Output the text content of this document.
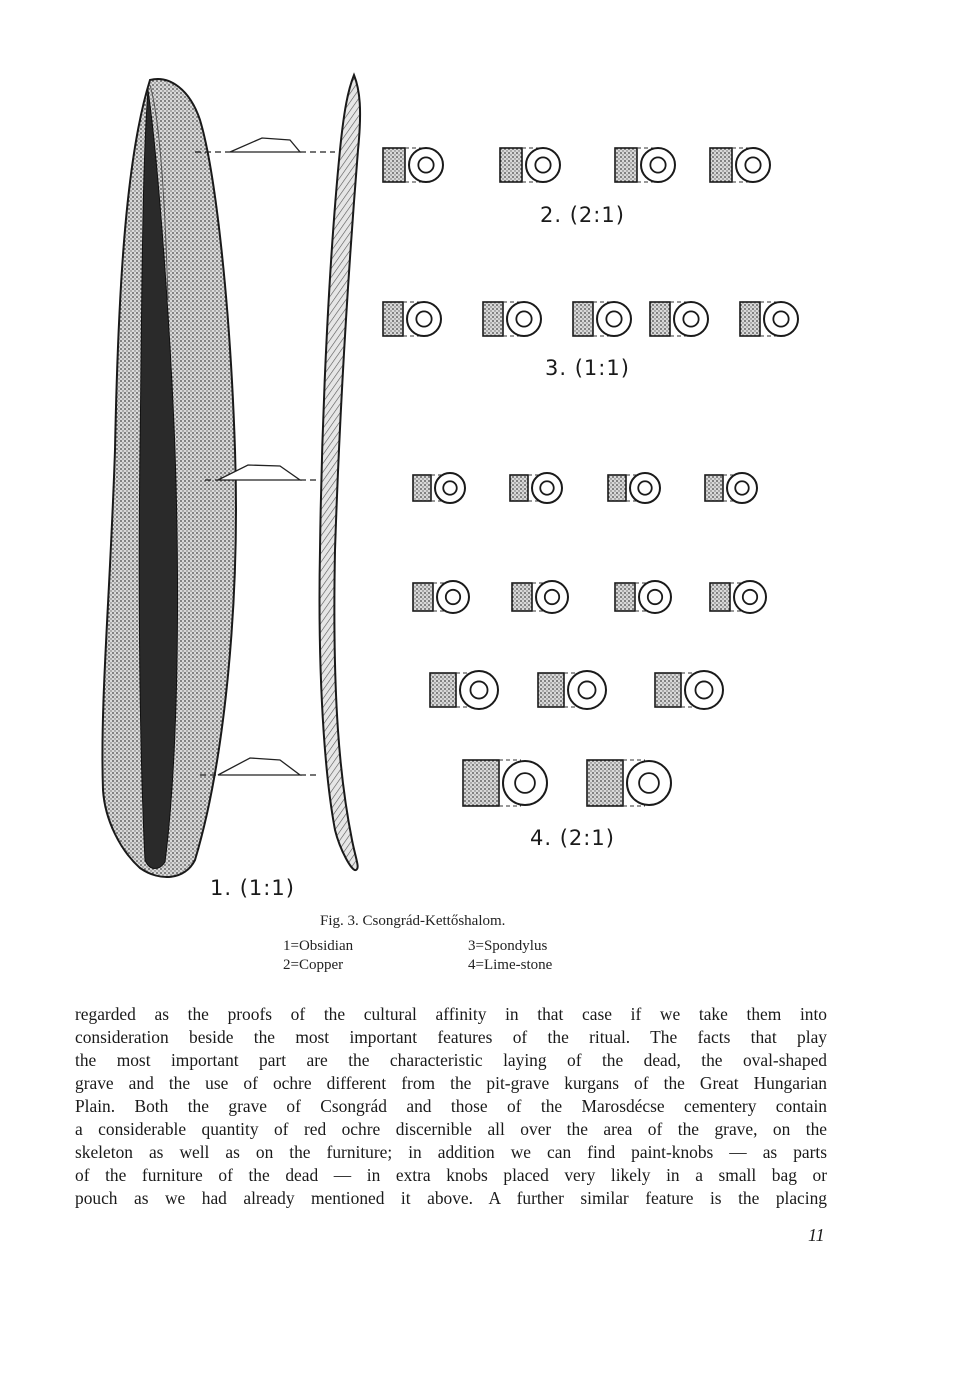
2. (2:1)
3. (1:1)
4. (2:1)
1. (1:1)
Fig. 3. Csongrád-Kettőshalom.
1=Obsidian	3=Spondylus
2=Copper	4=Lime-stone

regarded as the proofs of the cultural affinity in that case if we take them into

consideration beside the most important features of the ritual. The facts that play

the most important part are the characteristic laying of the dead, the oval-shaped

grave and the use of ochre different from the pit-grave kurgans of the Great Hungarian

Plain. Both the grave of Csongrád and those of the Marosdécse cementery contain

a considerable quantity of red ochre discernible all over the area of the grave, on the

skeleton as well as on the furniture; in addition we can find paint-knobs — as parts

of the furniture of the dead — in extra knobs placed very likely in a small bag or

pouch as we had already mentioned it above. A further similar feature is the placing

11
